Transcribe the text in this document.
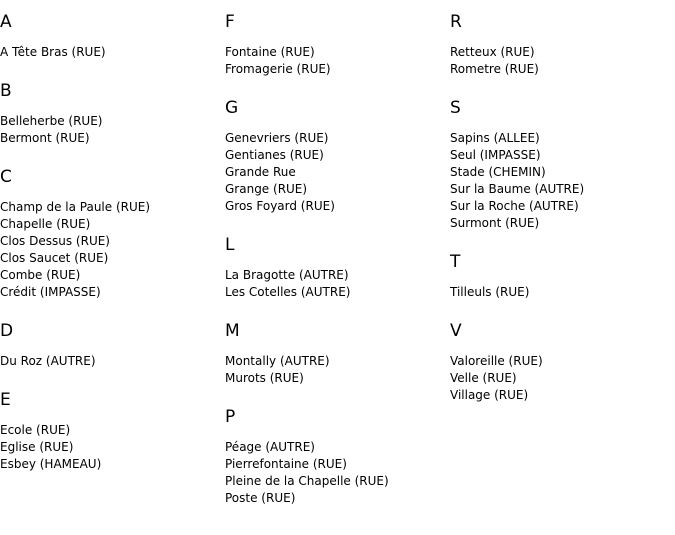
A
A Tête Bras (RUE)
B
Belleherbe (RUE)
Bermont (RUE)
C
Champ de la Paule (RUE)
Chapelle (RUE)
Clos Dessus (RUE)
Clos Saucet (RUE)
Combe (RUE)
Crédit (IMPASSE)
D
Du Roz (AUTRE)
E
Ecole (RUE)
Eglise (RUE)
Esbey (HAMEAU)
F
Fontaine (RUE)
Fromagerie (RUE)
G
Genevriers (RUE)
Gentianes (RUE)
Grande Rue
Grange (RUE)
Gros Foyard (RUE)
L
La Bragotte (AUTRE)
Les Cotelles (AUTRE)
M
Montally (AUTRE)
Murots (RUE)
P
Péage (AUTRE)
Pierrefontaine (RUE)
Pleine de la Chapelle (RUE)
Poste (RUE)
R
Retteux (RUE)
Rometre (RUE)
S
Sapins (ALLEE)
Seul (IMPASSE)
Stade (CHEMIN)
Sur la Baume (AUTRE)
Sur la Roche (AUTRE)
Surmont (RUE)
T
Tilleuls (RUE)
V
Valoreille (RUE)
Velle (RUE)
Village (RUE)
